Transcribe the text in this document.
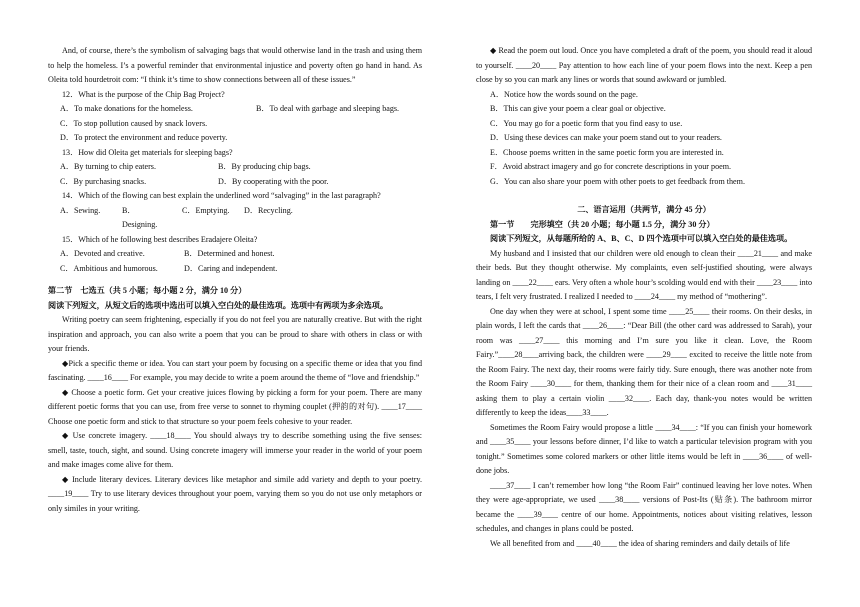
And, of course, there’s the symbolism of salvaging bags that would otherwise land in the trash and using them to help the homeless. I’s a powerful reminder that environmental injustice and poverty often go hand in hand. As Oleita told hourdetroit com: “I think it’s time to show connections between all of these issues.”

12．What is the purpose of the Chip Bag Project?

A．To make donations for the homeless.	B．To deal with garbage and sleeping bags.
C．To stop pollution caused by snack lovers.
D．To protect the environment and reduce poverty.

13．How did Oleita get materials for sleeping bags?

A．By turning to chip eaters.	B．By producing chip bags.
C．By purchasing snacks.	D．By cooperating with the poor.

14．Which of the flowing can best explain the underlined word “salvaging” in the last paragraph?

A．Sewing.	B．Designing.
C．Emptying.	D．Recycling.

15．Which of he following best describes Eradajere Oleita?

A．Devoted and creative.	B．Determined and honest.
C．Ambitious and humorous.	D．Caring and independent.

第二节　七选五（共 5 小题；每小题 2 分，满分 10 分）

阅读下列短文，从短文后的选项中选出可以填入空白处的最佳选项。选项中有两项为多余选项。

Writing poetry can seem frightening, especially if you do not feel you are naturally creative. But with the right inspiration and approach, you can also write a poem that you can be proud to share with others in class or with your friends.

◆Pick a specific theme or idea. You can start your poem by focusing on a specific theme or idea that you find fascinating. ____16____ For example, you may decide to write a poem around the theme of “love and friendship.”

◆ Choose a poetic form. Get your creative juices flowing by picking a form for your poem. There are many different poetic forms that you can use, from free verse to sonnet to rhyming couplet (押韵的对句). ____17____ Choose one poetic form and stick to that structure so your poem feels cohesive to your reader.

◆ Use concrete imagery. ____18____ You should always try to describe something using the five senses: smell, taste, touch, sight, and sound. Using concrete imagery will immerse your reader in the world of your poem and make images come alive for them.

◆ Include literary devices. Literary devices like metaphor and simile add variety and depth to your poetry. ____19____ Try to use literary devices throughout your poem, varying them so you do not use only metaphors or only similes in your writing.

◆ Read the poem out loud. Once you have completed a draft of the poem, you should read it aloud to yourself. ____20____ Pay attention to how each line of your poem flows into the next. Keep a pen close by so you can mark any lines or words that sound awkward or jumbled.

A．Notice how the words sound on the page.

B．This can give your poem a clear goal or objective.

C．You may go for a poetic form that you find easy to use.

D．Using these devices can make your poem stand out to your readers.

E．Choose poems written in the same poetic form you are interested in.

F．Avoid abstract imagery and go for concrete descriptions in your poem.

G．You can also share your poem with other poets to get feedback from them.

二、语言运用（共两节，满分 45 分）

第一节　　完形填空（共 20 小题；每小题 1.5 分，满分 30 分）

阅读下列短文，从每题所给的 A、B、C、D 四个选项中可以填入空白处的最佳选项。

My husband and I insisted that our children were old enough to clean their ____21____ and make their beds. But they thought otherwise. My complaints, even self-justified shouting, were always landing on ____22____ ears. Very often a whole hour’s scolding would end with their ____23____ into tears, I felt very frustrated. I realized I needed to ____24____ my method of “mothering”.

One day when they were at school, I spent some time ____25____ their rooms. On their desks, in plain words, I left the cards that ____26____: “Dear Bill (the other card was addressed to Sarah), your room was ____27____ this morning and I’m sure you like it clean. Love, the Room Fairy.”____28____arriving back, the children were ____29____ excited to receive the little note from the Room Fairy. The next day, their rooms were fairly tidy. Sure enough, there was another note from the Room Fairy ____30____ for them, thanking them for their nice of a clean room and ____31____ asking them to play a certain violin ____32____. Each day, thank-you notes would be written differently to keep the ideas____33____.

Sometimes the Room Fairy would propose a little ____34____: “If you can finish your homework and ____35____ your lessons before dinner, I’d like to watch a particular television program with you tonight.” Sometimes some colored markers or other little items would be left in ____36____ of well-done jobs.

____37____ I can’t remember how long “the Room Fair” continued leaving her love notes. When they were age-appropriate, we used ____38____ versions of Post-Its (贴条). The bathroom mirror became the ____39____ centre of our home. Appointments, notices about visiting relatives, lesson schedules, and changes in plans could be posted.

We all benefited from and ____40____ the idea of sharing reminders and daily details of life
